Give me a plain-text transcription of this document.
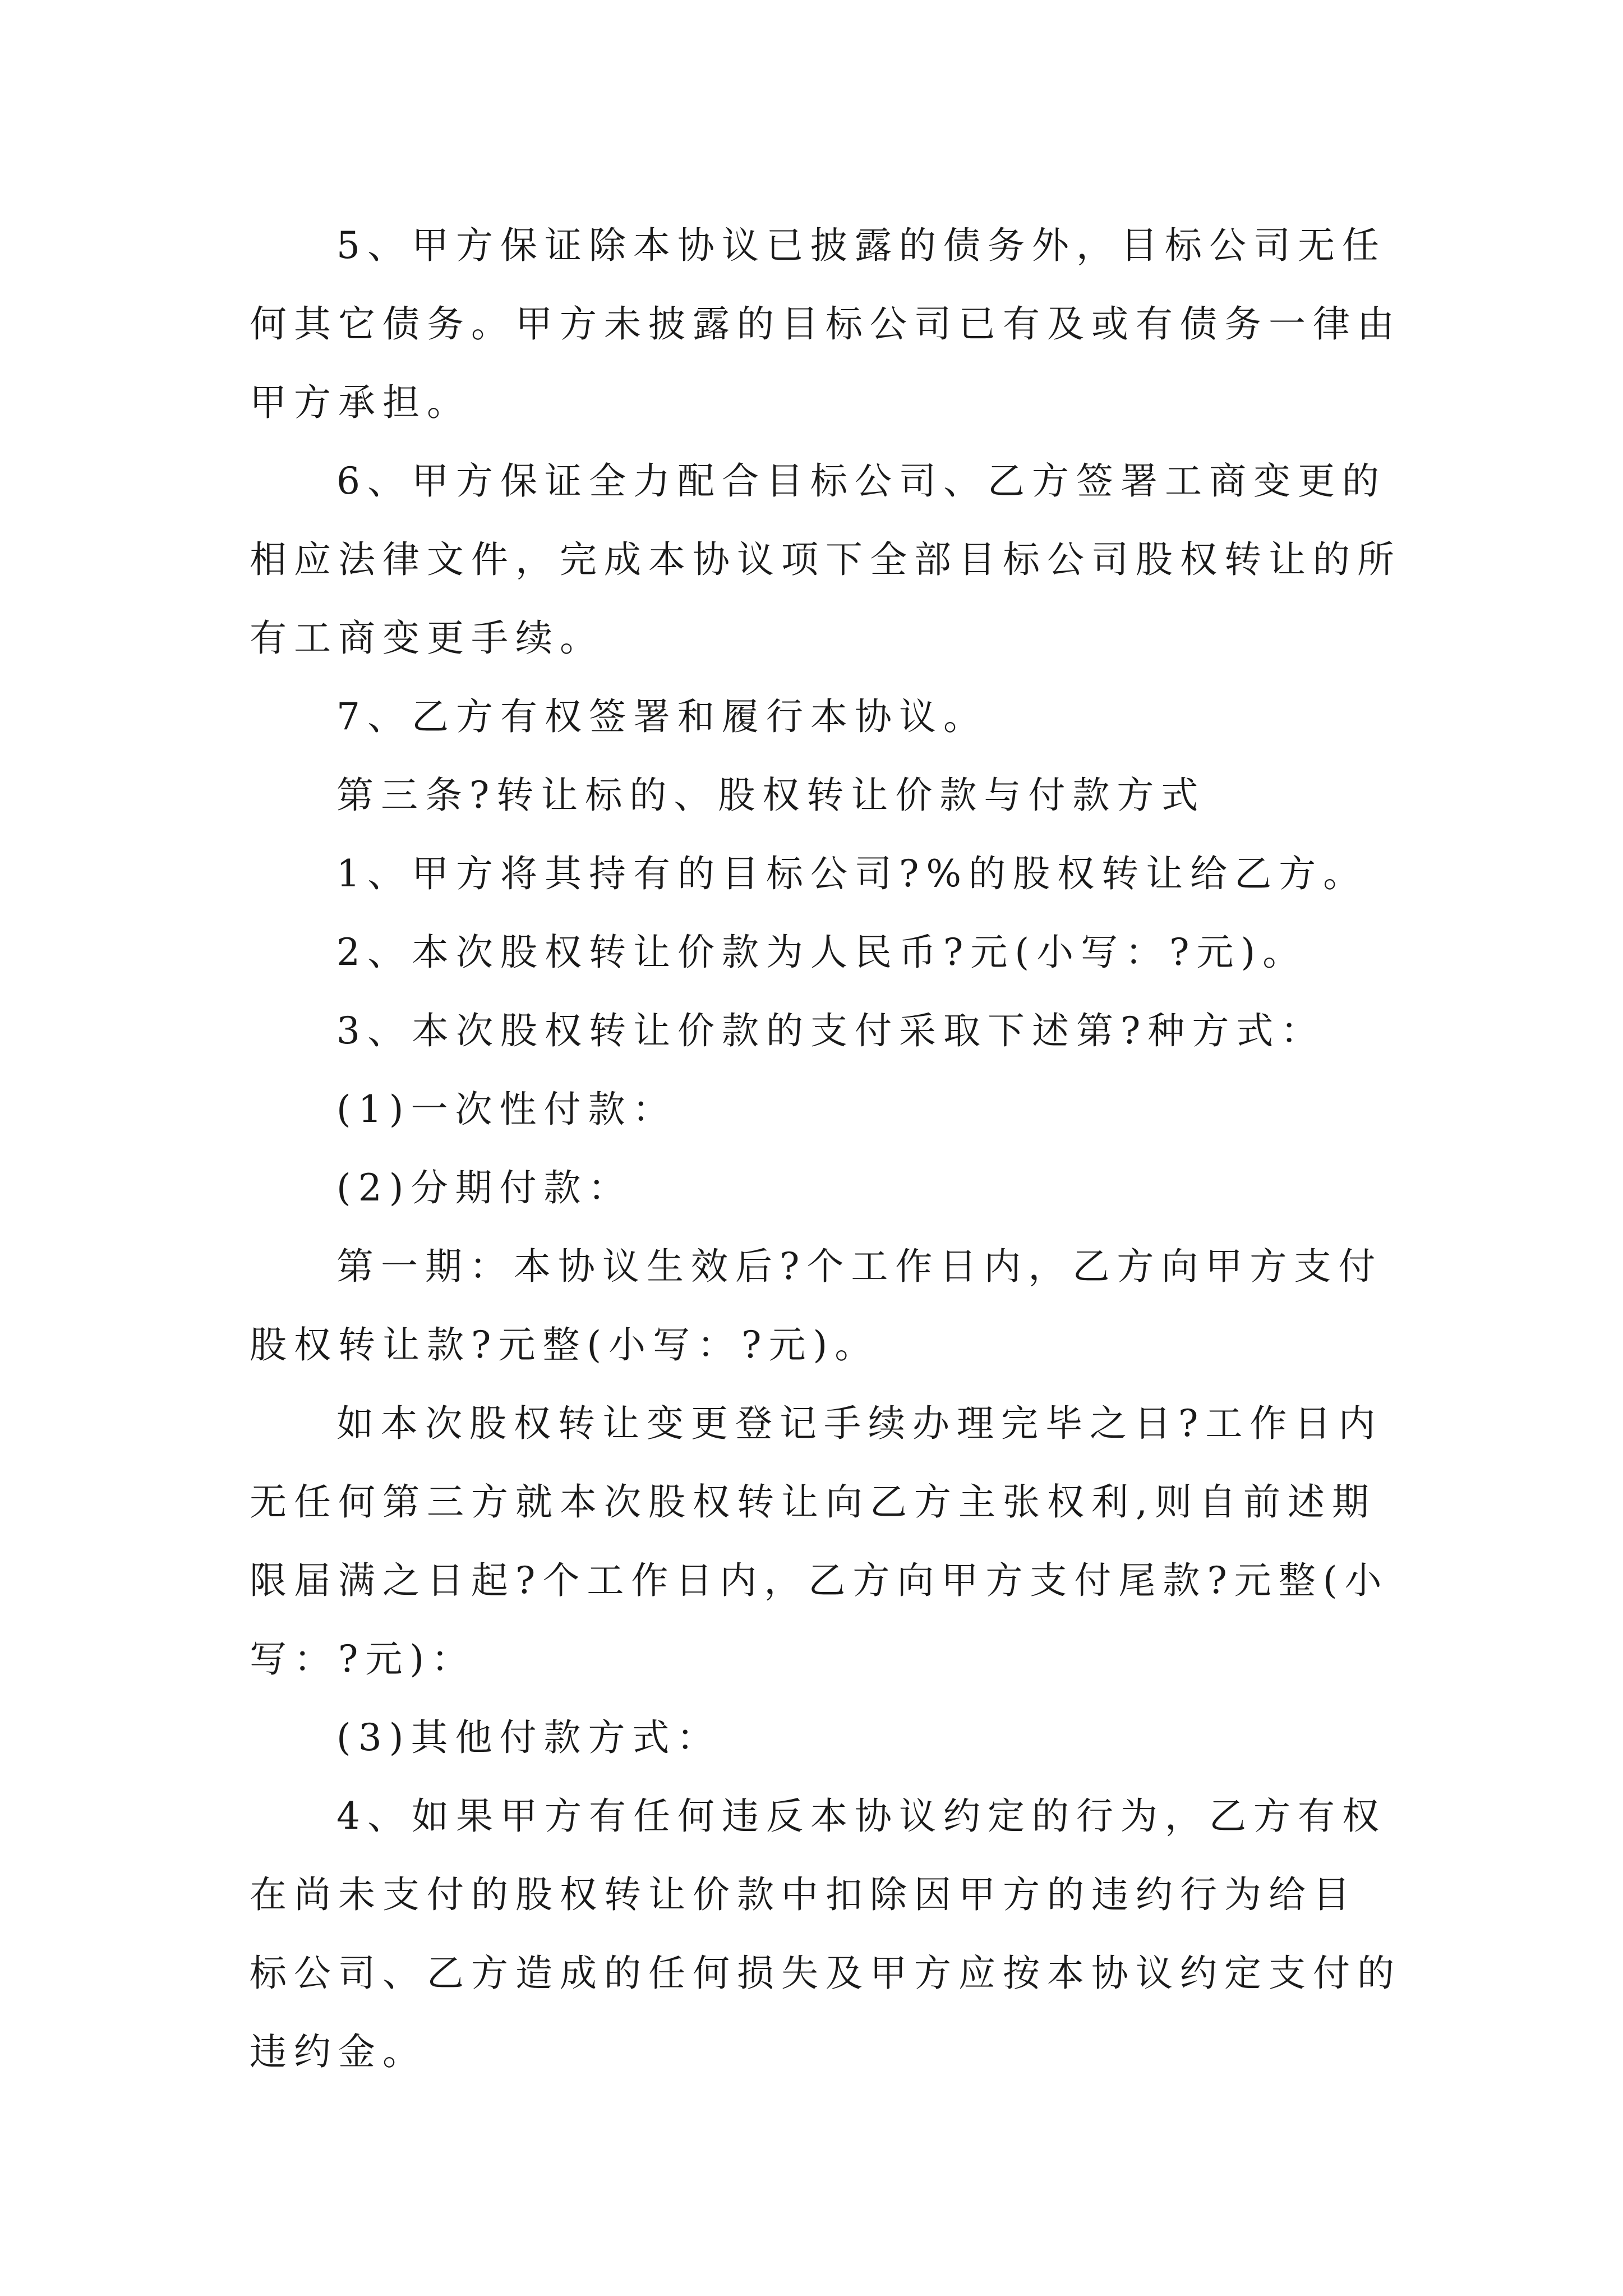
5、甲方保证除本协议已披露的债务外，目标公司无任
何其它债务。甲方未披露的目标公司已有及或有债务一律由
甲方承担。
6、甲方保证全力配合目标公司、乙方签署工商变更的
相应法律文件，完成本协议项下全部目标公司股权转让的所
有工商变更手续。
7、乙方有权签署和履行本协议。
第三条?转让标的、股权转让价款与付款方式
1、甲方将其持有的目标公司?%的股权转让给乙方。
2、本次股权转让价款为人民币?元(小写：?元)。
3、本次股权转让价款的支付采取下述第?种方式：
(1)一次性付款：
(2)分期付款：
第一期：本协议生效后?个工作日内，乙方向甲方支付
股权转让款?元整(小写：?元)。
如本次股权转让变更登记手续办理完毕之日?工作日内
无任何第三方就本次股权转让向乙方主张权利,则自前述期
限届满之日起?个工作日内，乙方向甲方支付尾款?元整(小
写：?元)：
(3)其他付款方式：
4、如果甲方有任何违反本协议约定的行为，乙方有权
在尚未支付的股权转让价款中扣除因甲方的违约行为给目
标公司、乙方造成的任何损失及甲方应按本协议约定支付的
违约金。
